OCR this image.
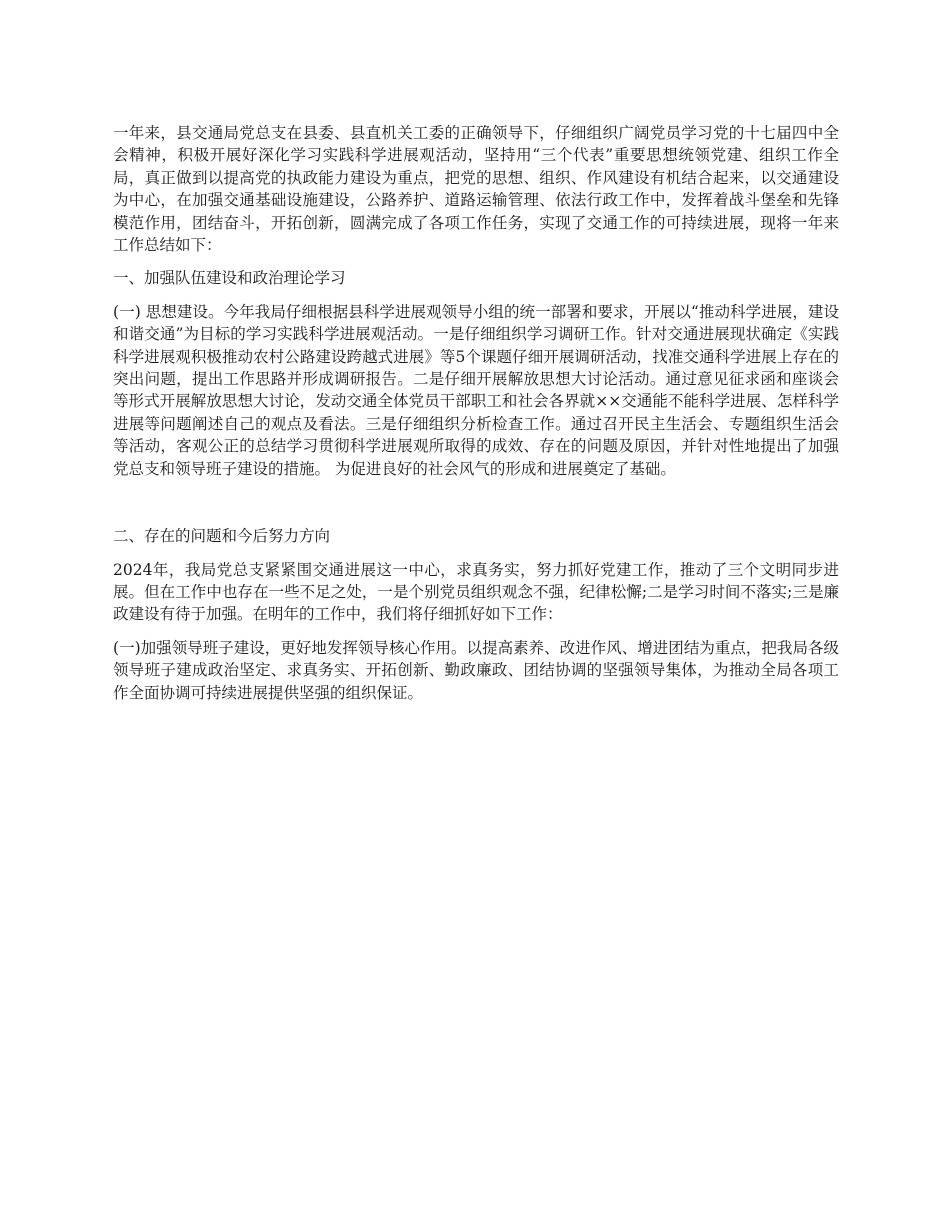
一年来，县交通局党总支在县委、县直机关工委的正确领导下，仔细组织广阔党员学习党的十七届四中全会精神，积极开展好深化学习实践科学进展观活动，坚持用“三个代表”重要思想统领党建、组织工作全局，真正做到以提高党的执政能力建设为重点，把党的思想、组织、作风建设有机结合起来，以交通建设为中心，在加强交通基础设施建设，公路养护、道路运输管理、依法行政工作中，发挥着战斗堡垒和先锋模范作用，团结奋斗，开拓创新，圆满完成了各项工作任务，实现了交通工作的可持续进展，现将一年来工作总结如下：

一、加强队伍建设和政治理论学习

(一) 思想建设。今年我局仔细根据县科学进展观领导小组的统一部署和要求，开展以“推动科学进展，建设和谐交通”为目标的学习实践科学进展观活动。一是仔细组织学习调研工作。针对交通进展现状确定《实践科学进展观积极推动农村公路建设跨越式进展》等5个课题仔细开展调研活动，找准交通科学进展上存在的突出问题，提出工作思路并形成调研报告。二是仔细开展解放思想大讨论活动。通过意见征求函和座谈会等形式开展解放思想大讨论，发动交通全体党员干部职工和社会各界就××交通能不能科学进展、怎样科学进展等问题阐述自己的观点及看法。三是仔细组织分析检查工作。通过召开民主生活会、专题组织生活会等活动，客观公正的总结学习贯彻科学进展观所取得的成效、存在的问题及原因，并针对性地提出了加强党总支和领导班子建设的措施。 为促进良好的社会风气的形成和进展奠定了基础。

二、存在的问题和今后努力方向

2024年，我局党总支紧紧围交通进展这一中心，求真务实，努力抓好党建工作，推动了三个文明同步进展。但在工作中也存在一些不足之处，一是个别党员组织观念不强，纪律松懈;二是学习时间不落实;三是廉政建设有待于加强。在明年的工作中，我们将仔细抓好如下工作：

(一)加强领导班子建设，更好地发挥领导核心作用。以提高素养、改进作风、增进团结为重点，把我局各级领导班子建成政治坚定、求真务实、开拓创新、勤政廉政、团结协调的坚强领导集体，为推动全局各项工作全面协调可持续进展提供坚强的组织保证。
